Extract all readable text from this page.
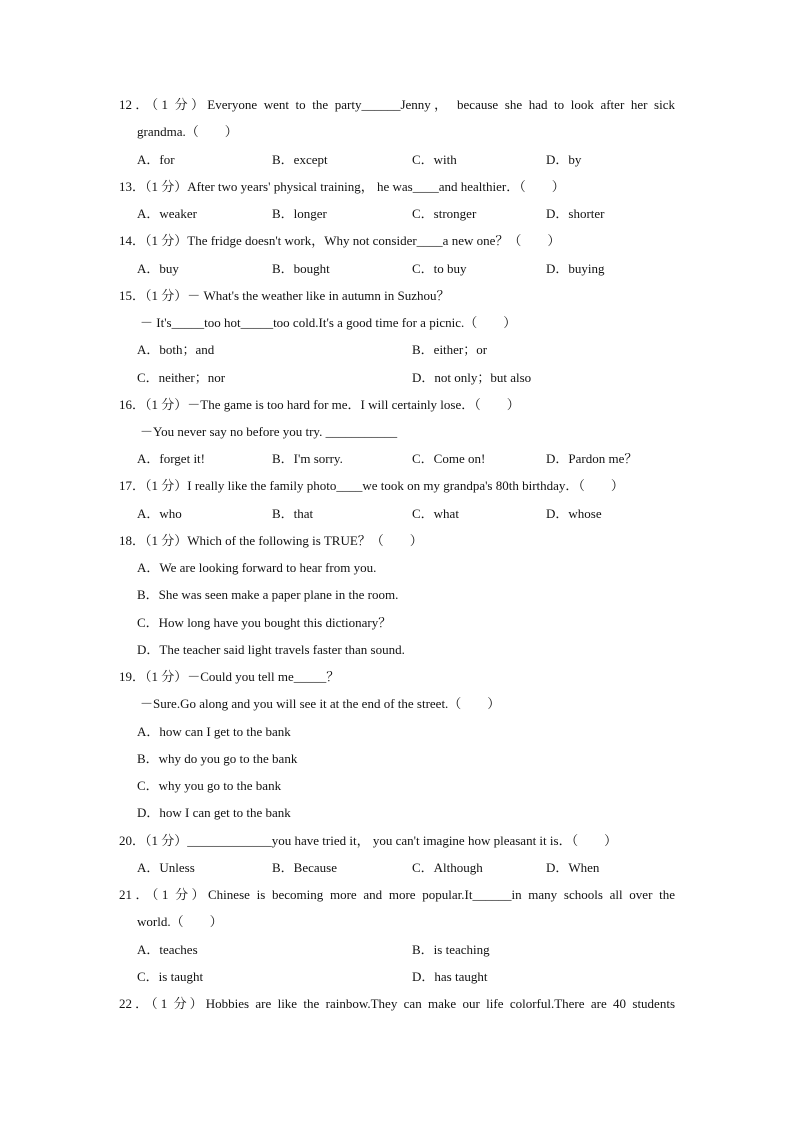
12．（1 分）Everyone went to the party______Jenny， because she had to look after her sick
grandma.（　　）
A．for	B．except	C．with	D．by
13．（1 分）After two years' physical training， he was____and healthier．（　　）
A．weaker	B．longer	C．stronger	D．shorter
14．（1 分）The fridge doesn't work，Why not consider____a new one？（　　）
A．buy	B．bought	C．to buy	D．buying
15．（1 分）－ What's the weather like in autumn in Suzhou？
－ It's_____too hot_____too cold.It's a good time for a picnic.（　　）
A．both；and	B．either；or
C．neither；nor	D．not only；but also
16．（1 分）－The game is too hard for me．I will certainly lose．（　　）
－You never say no before you try. ___________
A．forget it!	B．I'm sorry.	C．Come on!	D．Pardon me？
17．（1 分）I really like the family photo____we took on my grandpa's 80th birthday．（　　）
A．who	B．that	C．what	D．whose
18．（1 分）Which of the following is TRUE？（　　）
A．We are looking forward to hear from you.
B．She was seen make a paper plane in the room.
C．How long have you bought this dictionary？
D．The teacher said light travels faster than sound.
19．（1 分）－Could you tell me_____？
－Sure.Go along and you will see it at the end of the street.（　　）
A．how can I get to the bank
B．why do you go to the bank
C．why you go to the bank
D．how I can get to the bank
20．（1 分）_____________you have tried it， you can't imagine how pleasant it is．（　　）
A．Unless	B．Because	C．Although	D．When
21．（1 分）Chinese is becoming more and more popular.It______in many schools all over the
world.（　　）
A．teaches	B．is teaching
C．is taught	D．has taught
22．（1 分）Hobbies are like the rainbow.They can make our life colorful.There are 40 students
